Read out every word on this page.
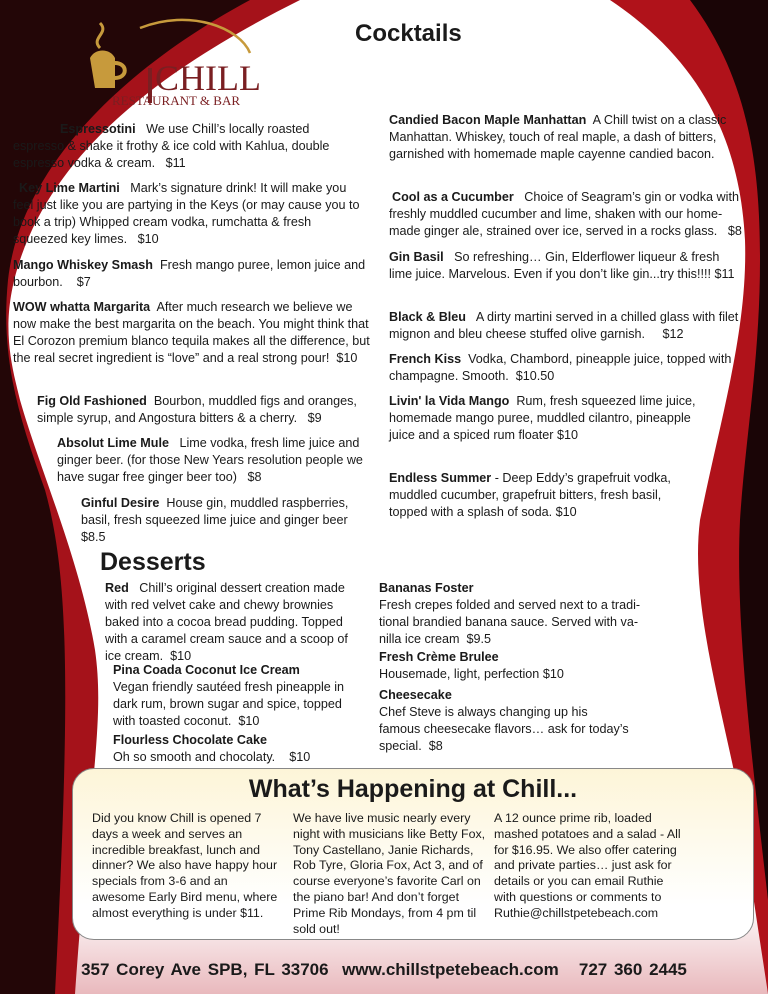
CHILL
RESTAURANT & BAR
Cocktails
Espressotini We use Chill’s locally roasted espresso & shake it frothy & ice cold with Kahlua, double espresso vodka & cream. $11
Key Lime Martini Mark’s signature drink! It will make you feel just like you are partying in the Keys (or may cause you to book a trip) Whipped cream vodka, rumchatta & fresh squeezed key limes. $10
Mango Whiskey Smash Fresh mango puree, lemon juice and bourbon. $7
WOW whatta Margarita After much research we believe we now make the best margarita on the beach. You might think that El Corozon premium blanco tequila makes all the difference, but the real secret ingredient is “love” and a real strong pour! $10
Fig Old Fashioned Bourbon, muddled figs and oranges, simple syrup, and Angostura bitters & a cherry. $9
Absolut Lime Mule Lime vodka, fresh lime juice and ginger beer. (for those New Years resolution people we have sugar free ginger beer too) $8
Ginful Desire House gin, muddled raspberries, basil, fresh squeezed lime juice and ginger beer $8.5
Candied Bacon Maple Manhattan A Chill twist on a classic Manhattan. Whiskey, touch of real maple, a dash of bitters, garnished with homemade maple cayenne candied bacon.
Cool as a Cucumber Choice of Seagram’s gin or vodka with freshly muddled cucumber and lime, shaken with our home-made ginger ale, strained over ice, served in a rocks glass. $8
Gin Basil So refreshing… Gin, Elderflower liqueur & fresh lime juice. Marvelous. Even if you don’t like gin...try this!!!! $11
Black & Bleu A dirty martini served in a chilled glass with filet mignon and bleu cheese stuffed olive garnish. $12
French Kiss Vodka, Chambord, pineapple juice, topped with champagne. Smooth. $10.50
Livin' la Vida Mango Rum, fresh squeezed lime juice, homemade mango puree, muddled cilantro, pineapple juice and a spiced rum floater $10
Endless Summer - Deep Eddy’s grapefruit vodka, muddled cucumber, grapefruit bitters, fresh basil, topped with a splash of soda. $10
Desserts
Red Chill’s original dessert creation made with red velvet cake and chewy brownies baked into a cocoa bread pudding. Topped with a caramel cream sauce and a scoop of ice cream. $10
Pina Coada Coconut Ice Cream
Vegan friendly sautéed fresh pineapple in dark rum, brown sugar and spice, topped with toasted coconut. $10
Flourless Chocolate Cake
Oh so smooth and chocolaty. $10
Bananas Foster
Fresh crepes folded and served next to a tradi-tional brandied banana sauce. Served with va-nilla ice cream $9.5
Fresh Crème Brulee
Housemade, light, perfection $10
Cheesecake
Chef Steve is always changing up his famous cheesecake flavors… ask for today’s special. $8
What’s Happening at Chill...
Did you know Chill is opened 7 days a week and serves an incredible breakfast, lunch and dinner? We also have happy hour specials from 3-6 and an awesome Early Bird menu, where almost everything is under $11.
We have live music nearly every night with musicians like Betty Fox, Tony Castellano, Janie Richards, Rob Tyre, Gloria Fox, Act 3, and of course everyone’s favorite Carl on the piano bar! And don’t forget Prime Rib Mondays, from 4 pm til sold out!
A 12 ounce prime rib, loaded mashed potatoes and a salad - All for $16.95. We also offer catering and private parties… just ask for details or you can email Ruthie with questions or comments to Ruthie@chillstpetebeach.com
357 Corey Ave SPB, FL 33706 www.chillstpetebeach.com 727 360 2445
